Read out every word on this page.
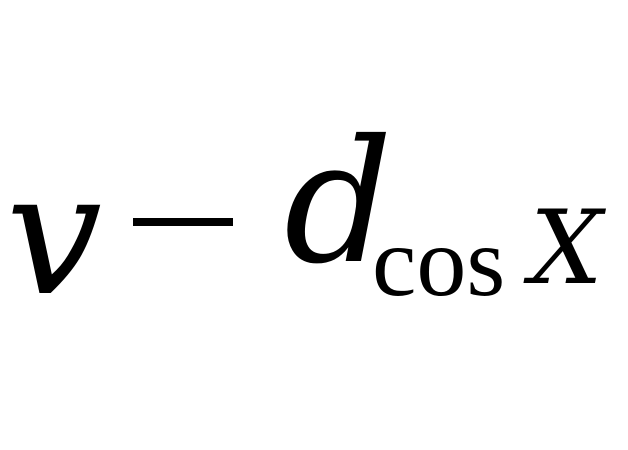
v d
cos X
